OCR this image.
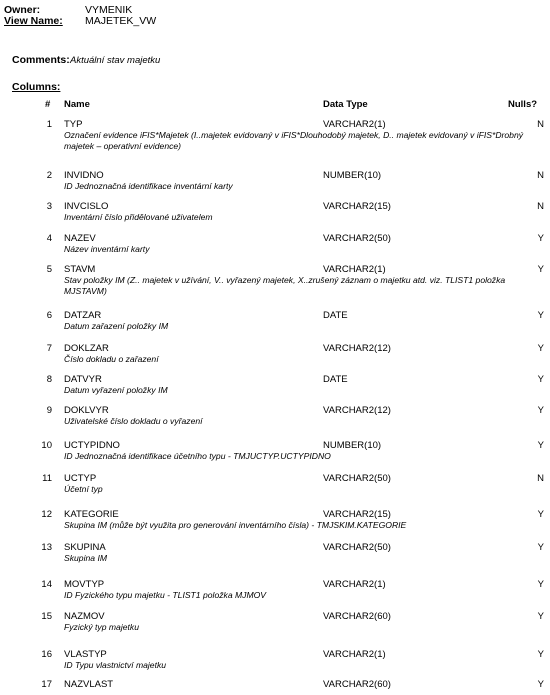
Owner:	VYMENIK
View Name: MAJETEK_VW
Comments: Aktuální stav majetku
Columns:
# Name	Data Type	Nulls?
1 TYP	VARCHAR2(1)	N
Označení evidence iFIS*Majetek (I..majetek evidovaný v iFIS*Dlouhodobý majetek, D.. majetek evidovaný v iFIS*Drobný majetek – operativní evidence)
2 INVIDNO	NUMBER(10)	N
ID Jednoznačná identifikace inventární karty
3 INVCISLO	VARCHAR2(15)	N
Inventární číslo přidělované uživatelem
4 NAZEV	VARCHAR2(50)	Y
Název inventární karty
5 STAVM	VARCHAR2(1)	Y
Stav položky IM (Z.. majetek v užívání, V.. vyřazený majetek, X..zrušený záznam o majetku atd. viz. TLIST1 položka MJSTAVM)
6 DATZAR	DATE	Y
Datum zařazení položky IM
7 DOKLZAR	VARCHAR2(12)	Y
Číslo dokladu o zařazení
8 DATVYR	DATE	Y
Datum vyřazení položky IM
9 DOKLVYR	VARCHAR2(12)	Y
Uživatelské číslo dokladu o vyřazení
10 UCTYPIDNO	NUMBER(10)	Y
ID Jednoznačná identifikace účetního typu - TMJUCTYP.UCTYPIDNO
11 UCTYP	VARCHAR2(50)	N
Účetní typ
12 KATEGORIE	VARCHAR2(15)	Y
Skupina IM (může být využita pro generování inventárního čísla) - TMJSKIM.KATEGORIE
13 SKUPINA	VARCHAR2(50)	Y
Skupina IM
14 MOVTYP	VARCHAR2(1)	Y
ID Fyzického typu majetku - TLIST1 položka MJMOV
15 NAZMOV	VARCHAR2(60)	Y
Fyzický typ majetku
16 VLASTYP	VARCHAR2(1)	Y
ID Typu vlastnictví majetku
17 NAZVLAST	VARCHAR2(60)	Y
